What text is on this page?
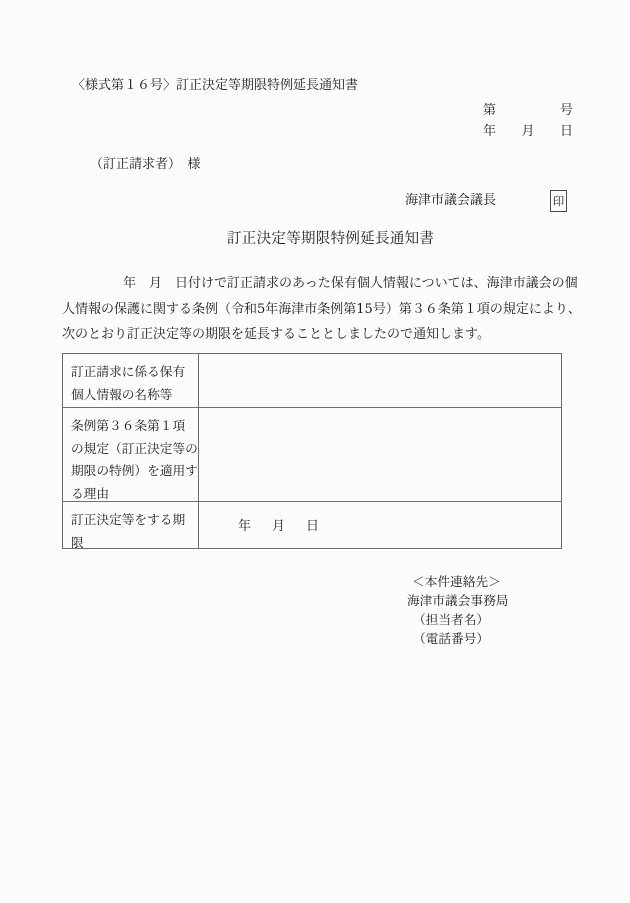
〈様式第１６号〉訂正決定等期限特例延長通知書
第	号
年 月 日
（訂正請求者）　様
海津市議会議長	印
訂正決定等期限特例延長通知書
年　月　日付けで訂正請求のあった保有個人情報については、海津市議会の個
人情報の保護に関する条例（令和5年海津市条例第15号）第３６条第１項の規定により、
次のとおり訂正決定等の期限を延長することとしましたので通知します。
訂正請求に係る保有
個人情報の名称等
条例第３６条第１項
の規定（訂正決定等の
期限の特例）を適用す
る理由
訂正決定等をする期
限
年　月　日
＜本件連絡先＞
海津市議会事務局
（担当者名）
（電話番号）
